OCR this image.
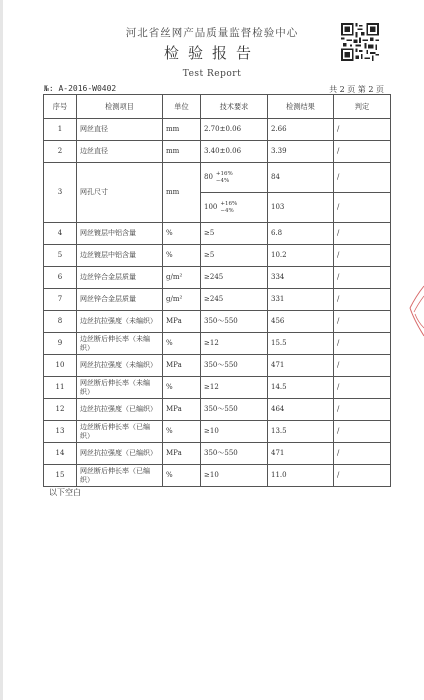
河北省丝网产品质量监督检验中心
检验报告
Test Report
№: A-2016-W0402	共 2 页 第 2 页
序号	检测项目	单位	技术要求	检测结果	判定
1	网丝直径	mm	2.70±0.06	2.66	/
2	边丝直径	mm	3.40±0.06	3.39	/
3	网孔尺寸	mm	80 +16%
−4%	84	/

			100 +16%
−4%	103	/
4	网丝镀层中铝含量	%	≥5	6.8	/
5	边丝镀层中铝含量	%	≥5	10.2	/
6	边丝锌合金层质量	g/m²	≥245	334	/
7	网丝锌合金层质量	g/m²	≥245	331	/
8	边丝抗拉强度（未编织）	MPa	350～550	456	/
9	边丝断后伸长率（未编织）	%	≥12	15.5	/
10	网丝抗拉强度（未编织）	MPa	350～550	471	/
11	网丝断后伸长率（未编织）	%	≥12	14.5	/
12	边丝抗拉强度（已编织）	MPa	350～550	464	/
13	边丝断后伸长率（已编织）	%	≥10	13.5	/
14	网丝抗拉强度（已编织）	MPa	350～550	471	/
15	网丝断后伸长率（已编织）	%	≥10	11.0	/
以下空白
